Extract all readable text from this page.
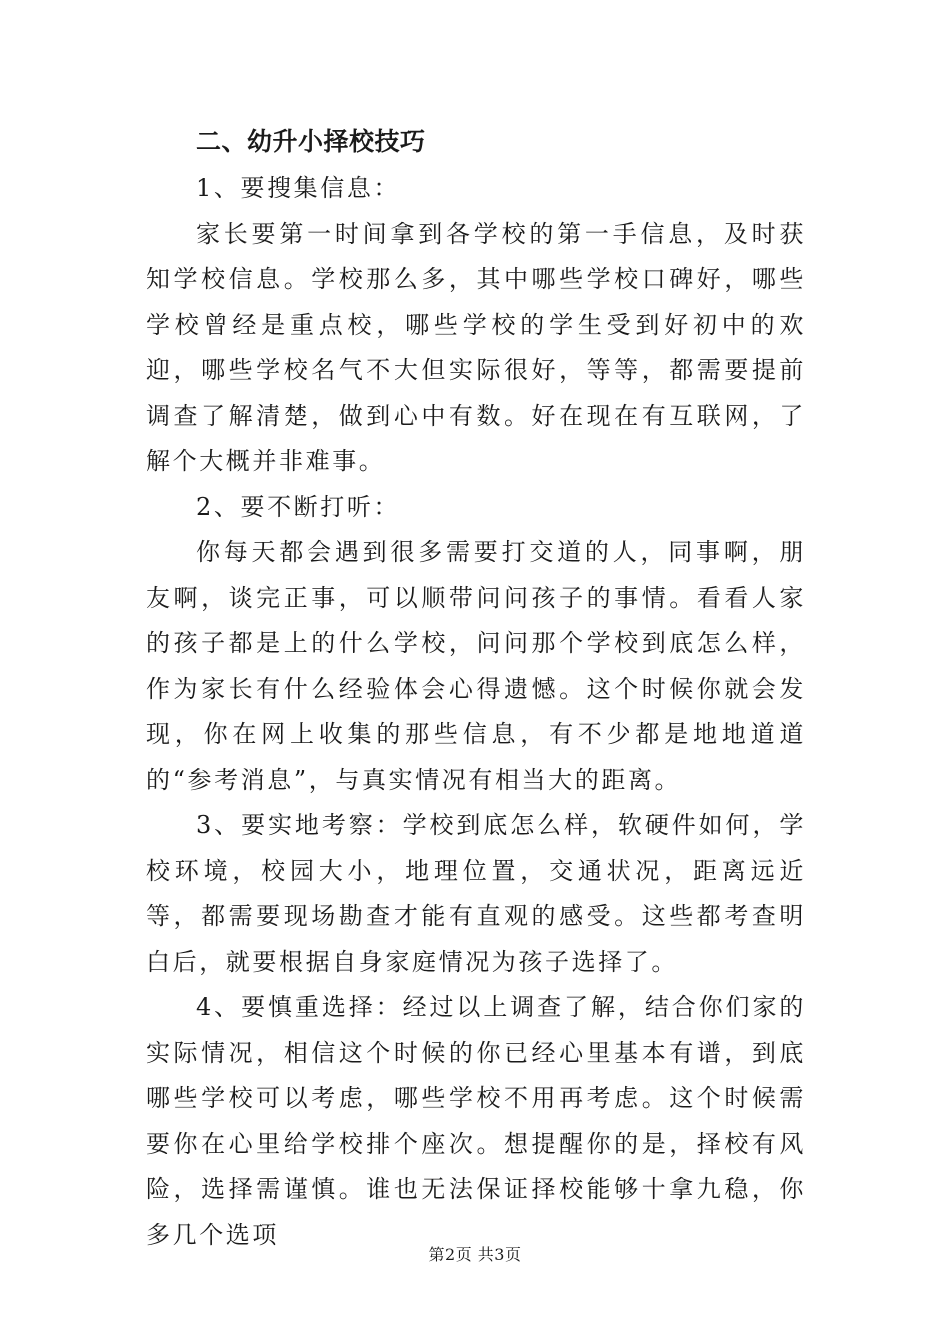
二、幼升小择校技巧

1、要搜集信息：

家长要第一时间拿到各学校的第一手信息，及时获知学校信息。学校那么多，其中哪些学校口碑好，哪些学校曾经是重点校，哪些学校的学生受到好初中的欢迎，哪些学校名气不大但实际很好，等等，都需要提前调查了解清楚，做到心中有数。好在现在有互联网，了解个大概并非难事。

2、要不断打听：

你每天都会遇到很多需要打交道的人，同事啊，朋友啊，谈完正事，可以顺带问问孩子的事情。看看人家的孩子都是上的什么学校，问问那个学校到底怎么样，作为家长有什么经验体会心得遗憾。这个时候你就会发现，你在网上收集的那些信息，有不少都是地地道道的“参考消息”，与真实情况有相当大的距离。

3、要实地考察：学校到底怎么样，软硬件如何，学校环境，校园大小，地理位置，交通状况，距离远近等，都需要现场勘查才能有直观的感受。这些都考查明白后，就要根据自身家庭情况为孩子选择了。

4、要慎重选择：经过以上调查了解，结合你们家的实际情况，相信这个时候的你已经心里基本有谱，到底哪些学校可以考虑，哪些学校不用再考虑。这个时候需要你在心里给学校排个座次。想提醒你的是，择校有风险，选择需谨慎。谁也无法保证择校能够十拿九稳，你多几个选项

第2页 共3页
